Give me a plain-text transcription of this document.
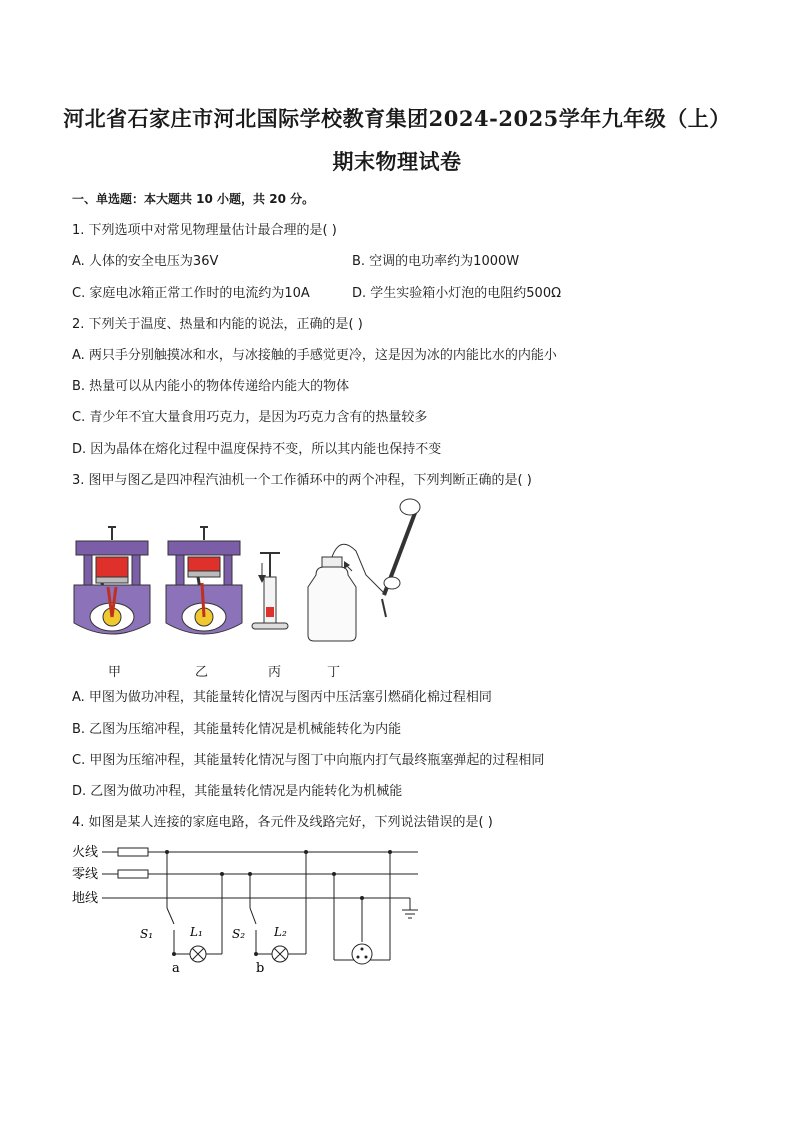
河北省石家庄市河北国际学校教育集团2024-2025学年九年级（上）
期末物理试卷
一、单选题：本大题共 10 小题，共 20 分。
1. 下列选项中对常见物理量估计最合理的是( )
A. 人体的安全电压为36V	B. 空调的电功率约为1000W
C. 家庭电冰箱正常工作时的电流约为10A	D. 学生实验箱小灯泡的电阻约500Ω
2. 下列关于温度、热量和内能的说法，正确的是( )
A. 两只手分别触摸冰和水，与冰接触的手感觉更冷，这是因为冰的内能比水的内能小
B. 热量可以从内能小的物体传递给内能大的物体
C. 青少年不宜大量食用巧克力，是因为巧克力含有的热量较多
D. 因为晶体在熔化过程中温度保持不变，所以其内能也保持不变
3. 图甲与图乙是四冲程汽油机一个工作循环中的两个冲程，下列判断正确的是( )
甲	乙	丙	丁
A. 甲图为做功冲程，其能量转化情况与图丙中压活塞引燃硝化棉过程相同
B. 乙图为压缩冲程，其能量转化情况是机械能转化为内能
C. 甲图为压缩冲程，其能量转化情况与图丁中向瓶内打气最终瓶塞弹起的过程相同
D. 乙图为做功冲程，其能量转化情况是内能转化为机械能
4. 如图是某人连接的家庭电路，各元件及线路完好，下列说法错误的是( )
火线
零线
地线
S₁	L₁
a
S₂ L₂
b
